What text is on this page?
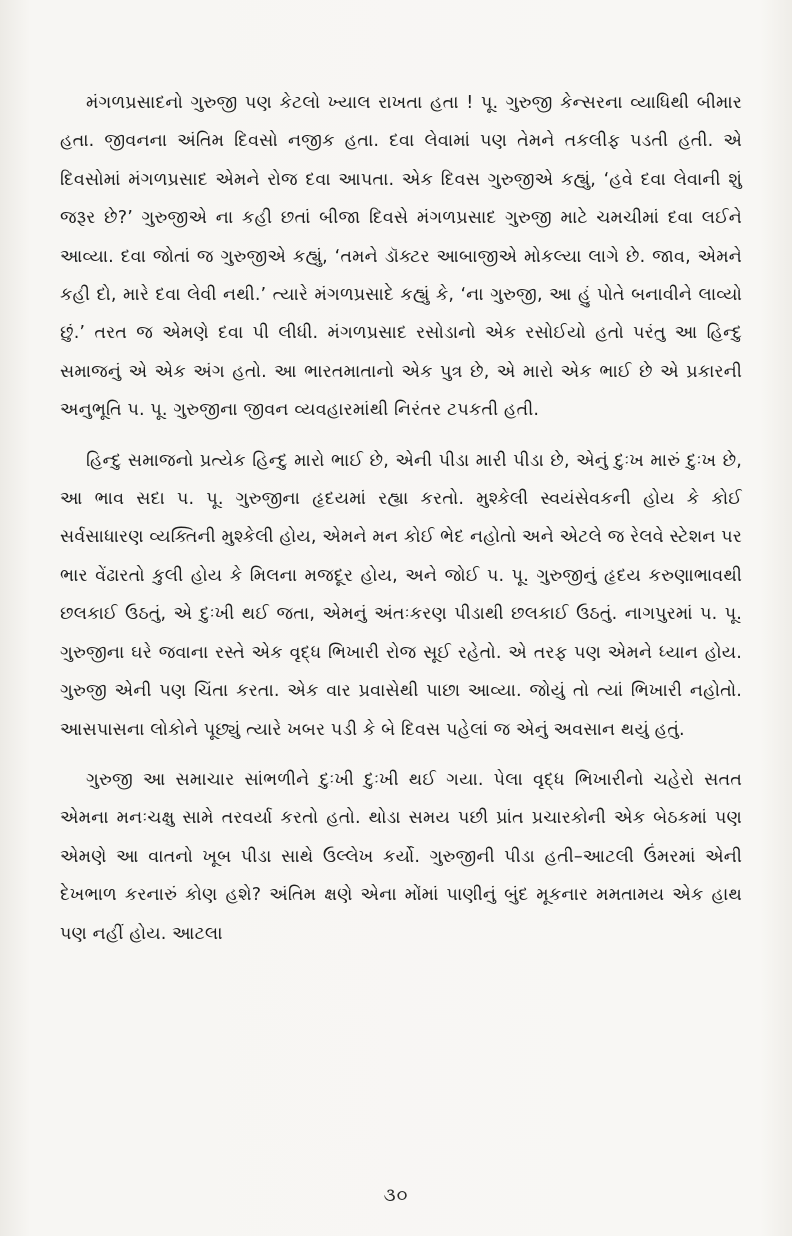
મંગળપ્રસાદનો ગુરુજી પણ કેટલો ખ્યાલ રાખતા હતા ! પૂ. ગુરુજી કેન્સરના વ્યાધિથી બીમાર હતા. જીવનના અંતિમ દિવસો નજીક હતા. દવા લેવામાં પણ તેમને તકલીફ પડતી હતી. એ દિવસોમાં મંગળપ્રસાદ એમને રોજ દવા આપતા. એક દિવસ ગુરુજીએ કહ્યું, ‘હવે દવા લેવાની શું જરૂર છે?’ ગુરુજીએ ના કહી છતાં બીજા દિવસે મંગળપ્રસાદ ગુરુજી માટે ચમચીમાં દવા લઈને આવ્યા. દવા જોતાં જ ગુરુજીએ કહ્યું, ‘તમને ડૉક્ટર આબાજીએ મોકલ્યા લાગે છે. જાવ, એમને કહી દો, મારે દવા લેવી નથી.’ ત્યારે મંગળપ્રસાદે કહ્યું કે, ‘ના ગુરુજી, આ હું પોતે બનાવીને લાવ્યો છું.’ તરત જ એમણે દવા પી લીધી. મંગળપ્રસાદ રસોડાનો એક રસોઈયો હતો પરંતુ આ હિન્દુ સમાજનું એ એક અંગ હતો. આ ભારતમાતાનો એક પુત્ર છે, એ મારો એક ભાઈ છે એ પ્રકારની અનુભૂતિ પ. પૂ. ગુરુજીના જીવન વ્યવહારમાંથી નિરંતર ટપકતી હતી.

હિન્દુ સમાજનો પ્રત્યેક હિન્દુ મારો ભાઈ છે, એની પીડા મારી પીડા છે, એનું દુઃખ મારું દુઃખ છે, આ ભાવ સદા પ. પૂ. ગુરુજીના હૃદયમાં રહ્યા કરતો. મુશ્કેલી સ્વયંસેવકની હોય કે કોઈ સર્વસાધારણ વ્યક્તિની મુશ્કેલી હોય, એમને મન કોઈ ભેદ નહોતો અને એટલે જ રેલવે સ્ટેશન પર ભાર વેંઢારતો કુલી હોય કે મિલના મજદૂર હોય, અને જોઈ પ. પૂ. ગુરુજીનું હૃદય કરુણાભાવથી છલકાઈ ઉઠતું, એ દુઃખી થઈ જતા, એમનું અંતઃકરણ પીડાથી છલકાઈ ઉઠતું. નાગપુરમાં પ. પૂ. ગુરુજીના ઘરે જવાના રસ્તે એક વૃદ્ધ ભિખારી રોજ સૂઈ રહેતો. એ તરફ પણ એમને ધ્યાન હોય. ગુરુજી એની પણ ચિંતા કરતા. એક વાર પ્રવાસેથી પાછા આવ્યા. જોયું તો ત્યાં ભિખારી નહોતો. આસપાસના લોકોને પૂછ્યું ત્યારે ખબર પડી કે બે દિવસ પહેલાં જ એનું અવસાન થયું હતું.

ગુરુજી આ સમાચાર સાંભળીને દુઃખી દુઃખી થઈ ગયા. પેલા વૃદ્ધ ભિખારીનો ચહેરો સતત એમના મનઃચક્ષુ સામે તરવર્યા કરતો હતો. થોડા સમય પછી પ્રાંત પ્રચારકોની એક બેઠકમાં પણ એમણે આ વાતનો ખૂબ પીડા સાથે ઉલ્લેખ કર્યો. ગુરુજીની પીડા હતી–આટલી ઉંમરમાં એની દેખભાળ કરનારું કોણ હશે? અંતિમ ક્ષણે એના મોંમાં પાણીનું બુંદ મૂકનાર મમતામય એક હાથ પણ નહીં હોય. આટલા

૩૦
